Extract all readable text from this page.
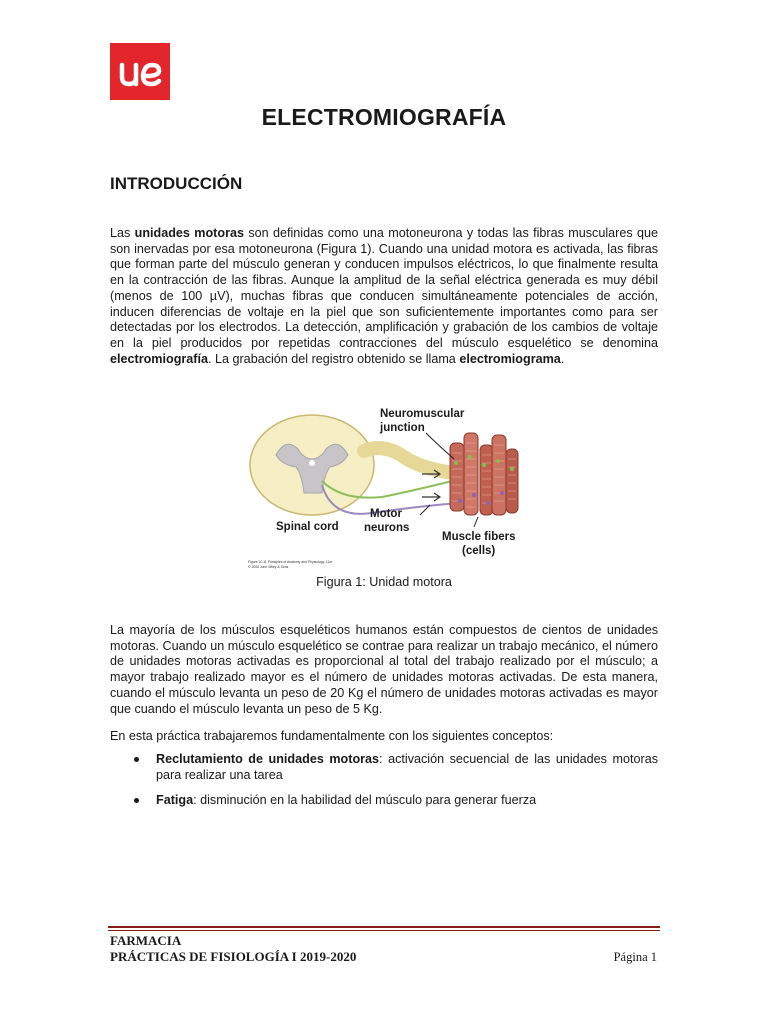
ELECTROMIOGRAFÍA
INTRODUCCIÓN

Las unidades motoras son definidas como una motoneurona y todas las fibras musculares que son inervadas por esa motoneurona (Figura 1). Cuando una unidad motora es activada, las fibras que forman parte del músculo generan y conducen impulsos eléctricos, lo que finalmente resulta en la contracción de las fibras. Aunque la amplitud de la señal eléctrica generada es muy débil (menos de 100 µV), muchas fibras que conducen simultáneamente potenciales de acción, inducen diferencias de voltaje en la piel que son suficientemente importantes como para ser detectadas por los electrodos. La detección, amplificación y grabación de los cambios de voltaje en la piel producidos por repetidas contracciones del músculo esquelético se denomina electromiografía. La grabación del registro obtenido se llama electromiograma.

Neuromuscular
junction
Spinal cord
Motor
neurons
Muscle fibers
(cells)
Figure 10.11 Principles of Anatomy and Physiology, 11/e
© 2006 John Wiley & Sons
Figura 1: Unidad motora

La mayoría de los músculos esqueléticos humanos están compuestos de cientos de unidades motoras. Cuando un músculo esquelético se contrae para realizar un trabajo mecánico, el número de unidades motoras activadas es proporcional al total del trabajo realizado por el músculo; a mayor trabajo realizado mayor es el número de unidades motoras activadas. De esta manera, cuando el músculo levanta un peso de 20 Kg el número de unidades motoras activadas es mayor que cuando el músculo levanta un peso de 5 Kg.

En esta práctica trabajaremos fundamentalmente con los siguientes conceptos:

Reclutamiento de unidades motoras: activación secuencial de las unidades motoras para realizar una tarea
Fatiga: disminución en la habilidad del músculo para generar fuerza
FARMACIA
PRÁCTICAS DE FISIOLOGÍA I 2019-2020	Página 1
